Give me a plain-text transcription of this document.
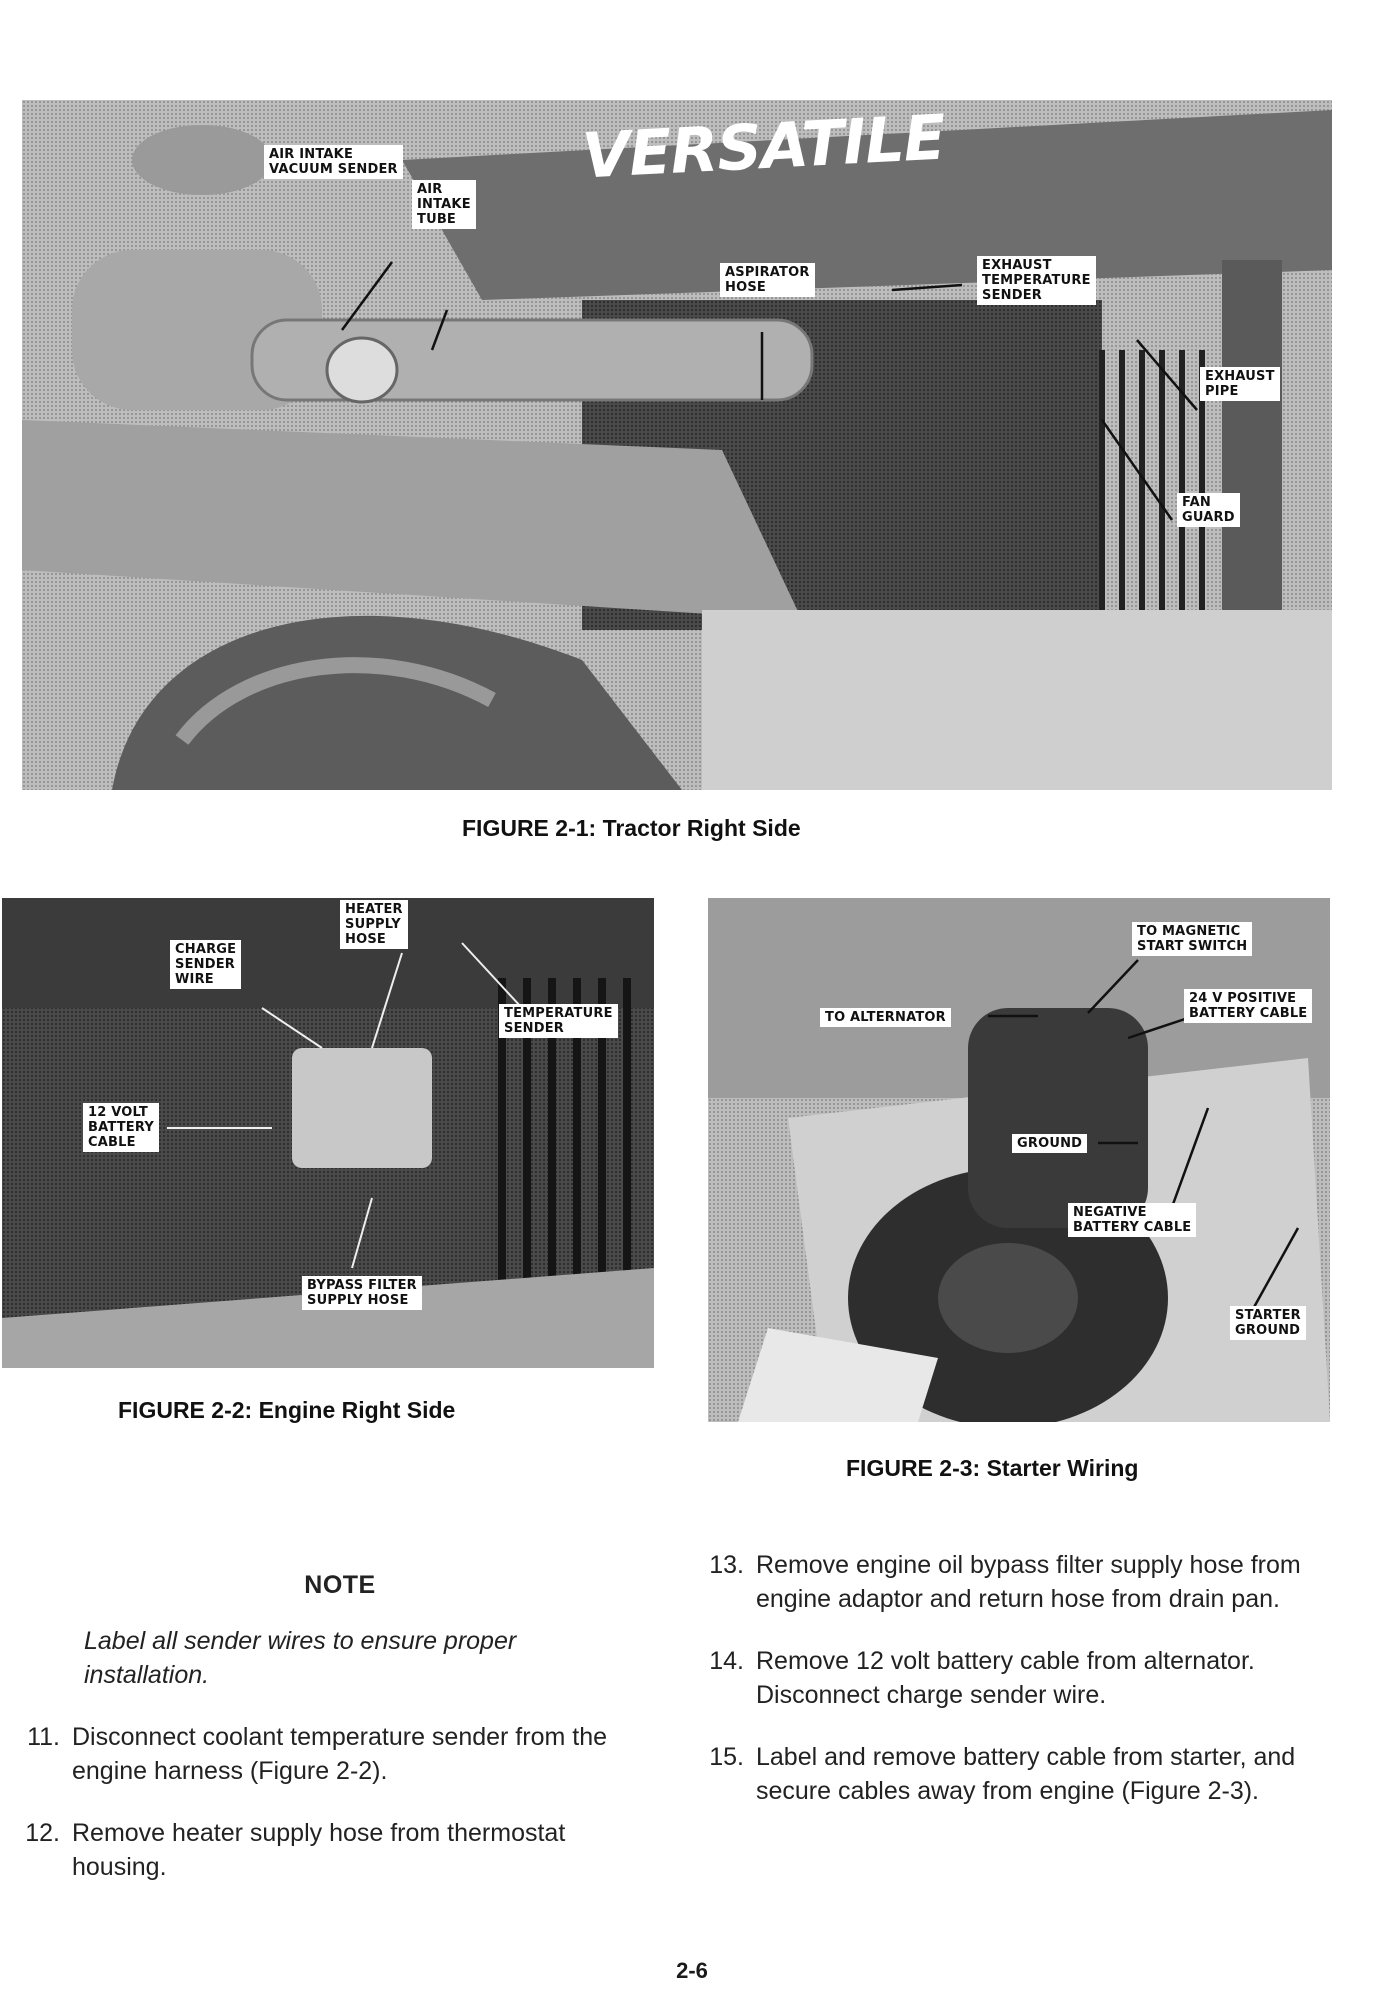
VERSATILE
AIR INTAKE
VACUUM SENDER
AIR
INTAKE
TUBE
ASPIRATOR
HOSE
EXHAUST
TEMPERATURE
SENDER
EXHAUST
PIPE
FAN
GUARD
FIGURE 2-1: Tractor Right Side
HEATER
SUPPLY
HOSE
CHARGE
SENDER
WIRE
TEMPERATURE
SENDER
12 VOLT
BATTERY
CABLE
BYPASS FILTER
SUPPLY HOSE
FIGURE 2-2: Engine Right Side
TO MAGNETIC
START SWITCH
24 V POSITIVE
BATTERY CABLE
TO ALTERNATOR
GROUND
NEGATIVE
BATTERY CABLE
STARTER
GROUND
FIGURE 2-3: Starter Wiring
NOTE
Label all sender wires to ensure proper installation.
11. Disconnect coolant temperature sender from the engine harness (Figure 2-2).
12. Remove heater supply hose from thermostat housing.
13. Remove engine oil bypass filter supply hose from engine adaptor and return hose from drain pan.
14. Remove 12 volt battery cable from alternator. Disconnect charge sender wire.
15. Label and remove battery cable from starter, and secure cables away from engine (Figure 2-3).
2-6
